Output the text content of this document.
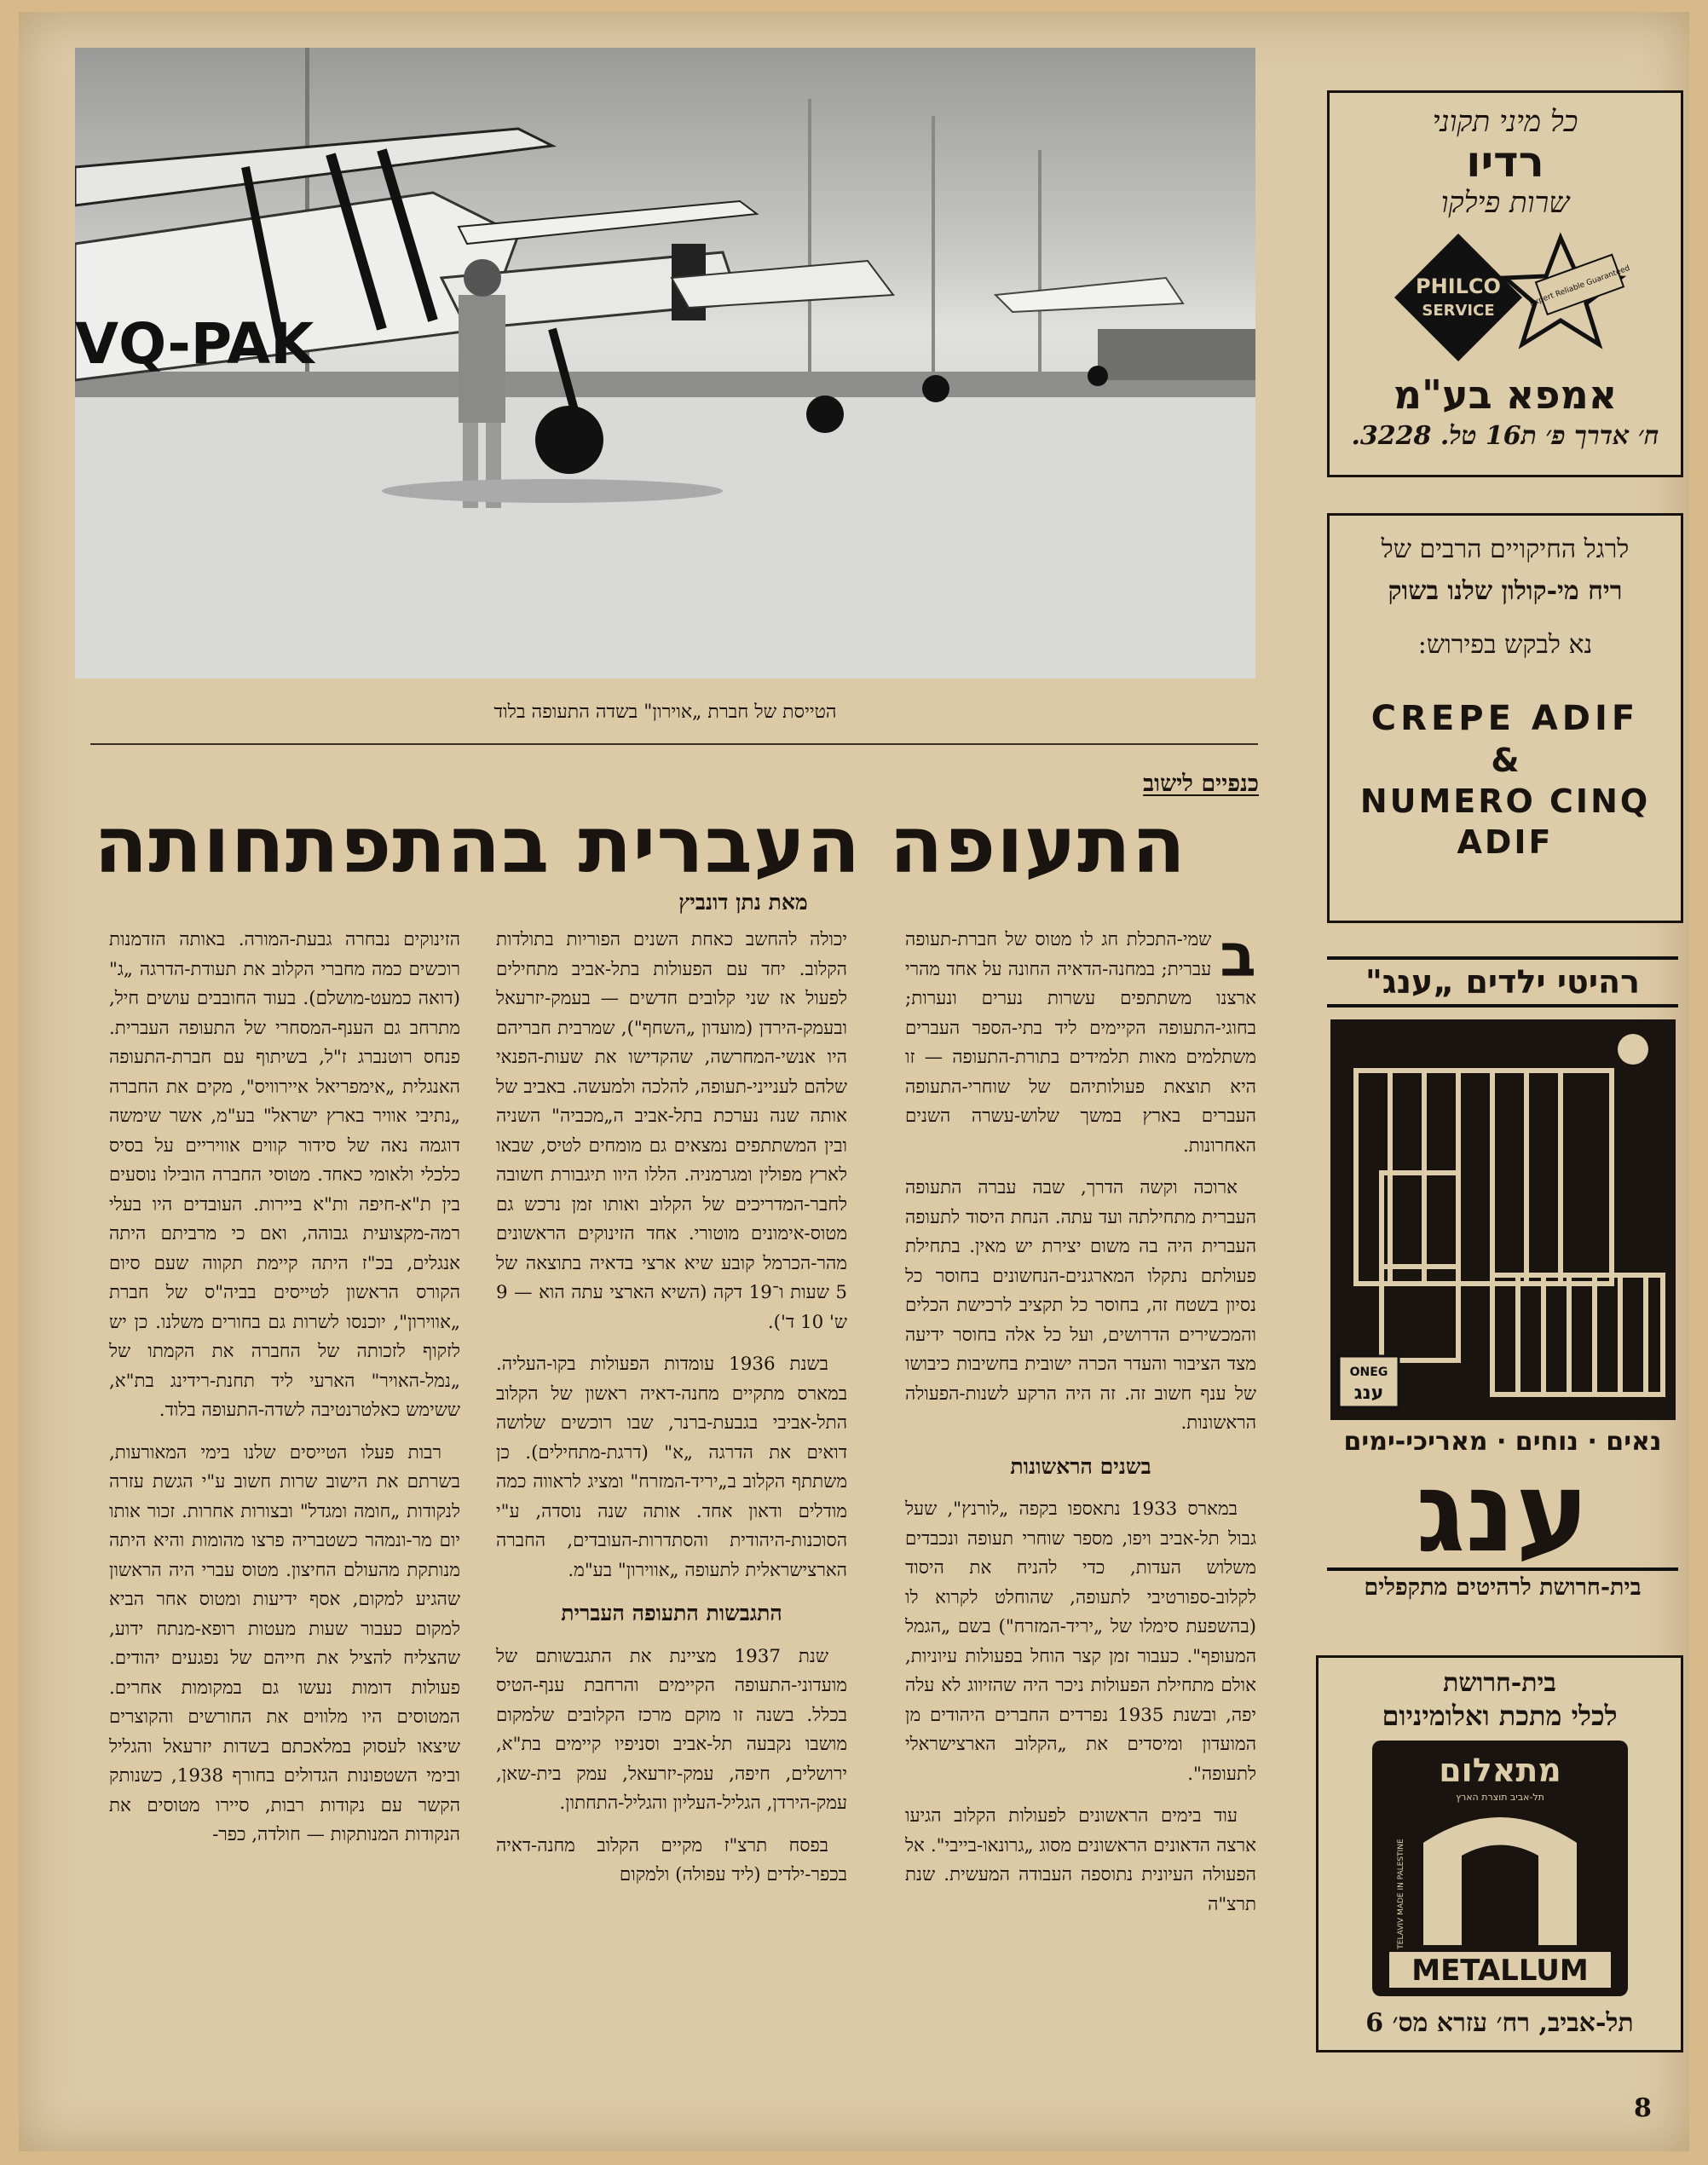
VQ-PAK
הטייסת של חברת „אוירון" בשדה התעופה בלוד
כנפיים לישוב
התעופה העברית בהתפתחותה
מאת נתן דונביץ

ב
שמי-התכלת חג לו מטוס של חברת-תעופה עברית; במחנה-הדאיה החונה על אחד מהרי ארצנו משתתפים עשרות נערים ונערות; בחוגי-התעופה הקיימים ליד בתי-הספר העברים משתלמים מאות תלמידים בתורת-התעופה — זו היא תוצאת פעולותיהם של שוחרי-התעופה העברים בארץ במשך שלוש-עשרה השנים האחרונות.

ארוכה וקשה הדרך, שבה עברה התעופה העברית מתחילתה ועד עתה. הנחת היסוד לתעופה העברית היה בה משום יצירת יש מאין. בתחילת פעולתם נתקלו המארגנים-הנחשונים בחוסר כל נסיון בשטח זה, בחוסר כל תקציב לרכישת הכלים והמכשירים הדרושים, ועל כל אלה בחוסר ידיעה מצד הציבור והעדר הכרה ישובית בחשיבות כיבושו של ענף חשוב זה. זה היה הרקע לשנות-הפעולה הראשונות.

בשנים הראשונות

במארס 1933 נתאספו בקפה „לורנץ", שעל גבול תל-אביב ויפו, מספר שוחרי תעופה ונכבדים משלוש העדות, כדי להניח את היסוד לקלוב-ספורטיבי לתעופה, שהוחלט לקרוא לו (בהשפעת סימלו של „יריד-המזרח") בשם „הגמל המעופף". כעבור זמן קצר הוחל בפעולות עיוניות, אולם מתחילת הפעולות ניכר היה שהזיווג לא עלה יפה, ובשנת 1935 נפרדים החברים היהודים מן המועדון ומיסדים את „הקלוב הארצישראלי לתעופה".

עוד בימים הראשונים לפעולות הקלוב הגיעו ארצה הדאונים הראשונים מסוג „גרונאו-בייבי". אל הפעולה העיונית נתוספה העבודה המעשית. שנת תרצ"ה

יכולה להחשב כאחת השנים הפוריות בתולדות הקלוב. יחד עם הפעולות בתל-אביב מתחילים לפעול אז שני קלובים חדשים — בעמק-יזרעאל ובעמק-הירדן (מועדון „השחף"), שמרבית חבריהם היו אנשי-המחרשה, שהקדישו את שעות-הפנאי שלהם לענייני-תעופה, להלכה ולמעשה. באביב של אותה שנה נערכת בתל-אביב ה„מכביה" השניה ובין המשתתפים נמצאים גם מומחים לטיס, שבאו לארץ מפולין ומגרמניה. הללו היוו תיגבורת חשובה לחבר-המדריכים של הקלוב ואותו זמן נרכש גם מטוס-אימונים מוטורי. אחד הזינוקים הראשונים מהר-הכרמל קובע שיא ארצי בדאיה בתוצאה של 5 שעות ו־19 דקה (השיא הארצי עתה הוא — 9 ש' 10 ד').

בשנת 1936 עומדות הפעולות בקו-העליה. במארס מתקיים מחנה-דאיה ראשון של הקלוב התל-אביבי בגבעת-ברנר, שבו רוכשים שלושה דואים את הדרגה „א" (דרגת-מתחילים). כן משתתף הקלוב ב„יריד-המזרח" ומציג לראווה כמה מודלים ודאון אחד. אותה שנה נוסדה, ע"י הסוכנות-היהודית והסתדרות-העובדים, החברה הארצישראלית לתעופה „אווירון" בע"מ.

התגבשות התעופה העברית

שנת 1937 מציינת את התגבשותם של מועדוני-התעופה הקיימים והרחבת ענף-הטיס בכלל. בשנה זו מוקם מרכז הקלובים שלמקום מושבו נקבעה תל-אביב וסניפיו קיימים בת"א, ירושלים, חיפה, עמק-יזרעאל, עמק בית-שאן, עמק-הירדן, הגליל-העליון והגליל-התחתון.

בפסח תרצ"ז מקיים הקלוב מחנה-דאיה בכפר-ילדים (ליד עפולה) ולמקום

הזינוקים נבחרה גבעת-המורה. באותה הזדמנות רוכשים כמה מחברי הקלוב את תעודת-הדרגה „ג" (דואה כמעט-מושלם). בעוד החובבים עושים חיל, מתרחב גם הענף-המסחרי של התעופה העברית. פנחס רוטנברג ז"ל, בשיתוף עם חברת-התעופה האנגלית „אימפריאל איירוויס", מקים את החברה „נתיבי אוויר בארץ ישראל" בע"מ, אשר שימשה דוגמה נאה של סידור קווים אוויריים על בסיס כלכלי ולאומי כאחד. מטוסי החברה הובילו נוסעים בין ת"א-חיפה ות"א ביירות. העובדים היו בעלי רמה-מקצועית גבוהה, ואם כי מרביתם היתה אנגלים, בכ"ז היתה קיימת תקווה שעם סיום הקורס הראשון לטייסים בביה"ס של חברת „אווירון", יוכנסו לשרות גם בחורים משלנו. כן יש לזקוף לזכותה של החברה את הקמתו של „נמל-האויר" הארעי ליד תחנת-רידינג בת"א, ששימש כאלטרנטיבה לשדה-התעופה בלוד.

רבות פעלו הטייסים שלנו בימי המאורעות, בשרתם את הישוב שרות חשוב ע"י הגשת עזרה לנקודות „חומה ומגדל" ובצורות אחרות. זכור אותו יום מר-ונמהר כשטבריה פרצו מהומות והיא היתה מנותקת מהעולם החיצון. מטוס עברי היה הראשון שהגיע למקום, אסף ידיעות ומטוס אחר הביא למקום כעבור שעות מעטות רופא-מנתח ידוע, שהצליח להציל את חייהם של נפגעים יהודים. פעולות דומות נעשו גם במקומות אחרים. המטוסים היו מלווים את החורשים והקוצרים שיצאו לעסוק במלאכתם בשדות יזרעאל והגליל ובימי השטפונות הגדולים בחורף 1938, כשנותק הקשר עם נקודות רבות, סיירו מטוסים את הנקודות המנותקות — חולדה, כפר-

8
כל מיני תקוני
רדיו
שרות פילקו
PHILCO
SERVICE
Expert Reliable Guaranteed
אמפא בע"מ
ח׳ אדרך פ׳ ת16 טל. 3228.
לרגל החיקויים הרבים של
ריח מי-קולון שלנו בשוק
נא לבקש בפירוש:
CREPE ADIF
&
NUMERO CINQ
ADIF
רהיטי ילדים „ענג"
ONEG
ענג
נאים · נוחים · מאריכי-ימים
ענג
בית-חרושת לרהיטים מתקפלים
בית-חרושת
לכלי מתכת ואלומיניום
מתאלום
תל-אביב תוצרת הארץ
TELAVIV MADE IN PALESTINE
METALLUM
תל-אביב, רח׳ עזרא מס׳ 6
